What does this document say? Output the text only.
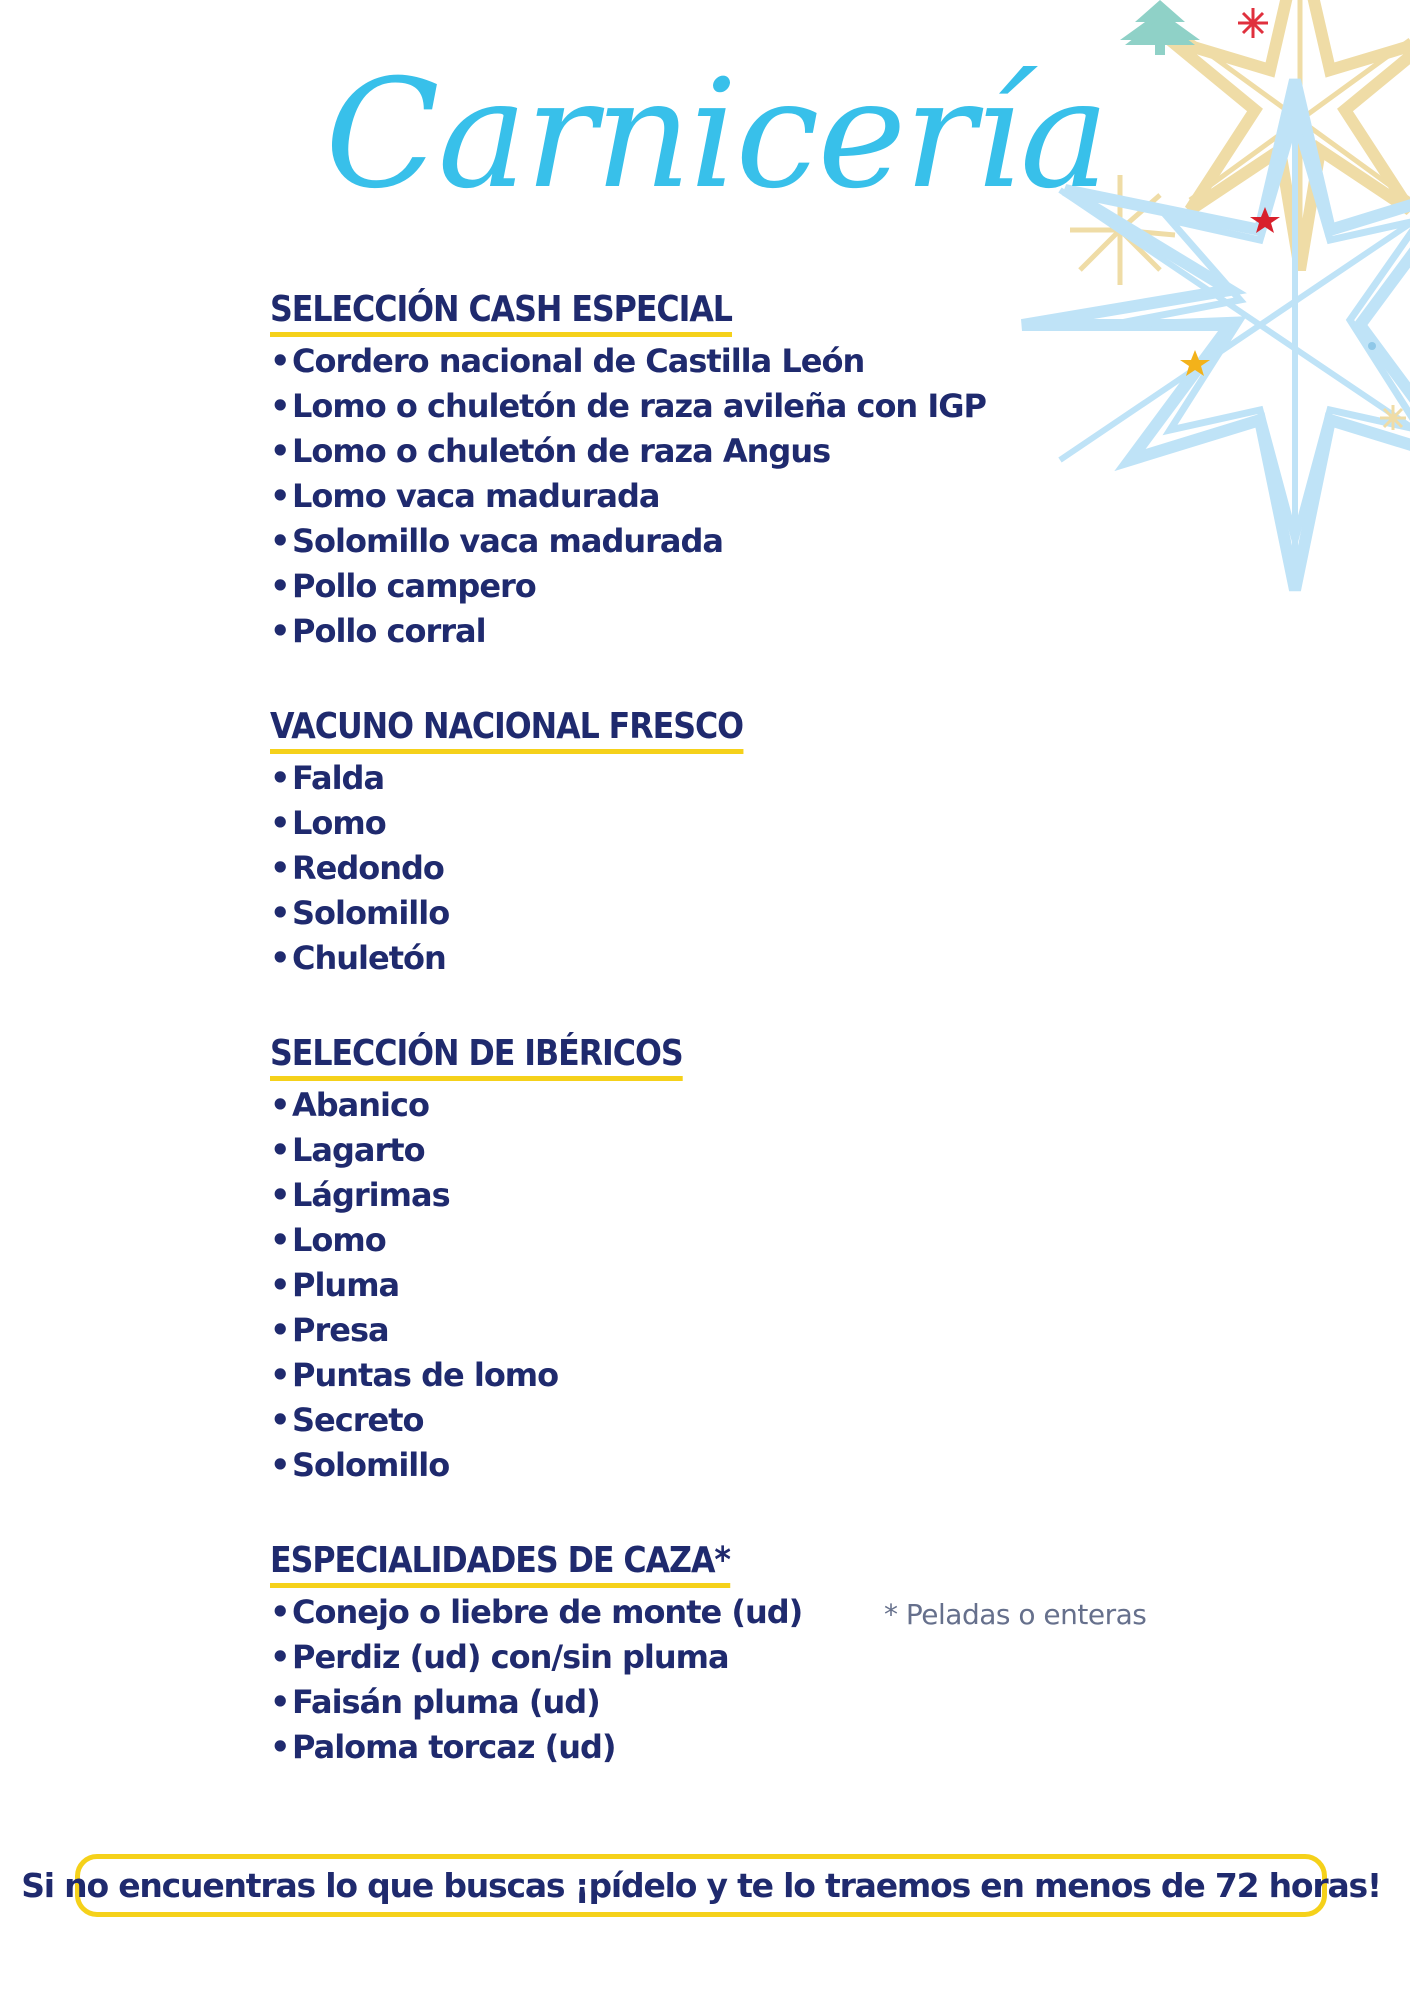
Carnicería
SELECCIÓN CASH ESPECIAL
•Cordero nacional de Castilla León
•Lomo o chuletón de raza avileña con IGP
•Lomo o chuletón de raza Angus
•Lomo vaca madurada
•Solomillo vaca madurada
•Pollo campero
•Pollo corral
VACUNO NACIONAL FRESCO
•Falda
•Lomo
•Redondo
•Solomillo
•Chuletón
SELECCIÓN DE IBÉRICOS
•Abanico
•Lagarto
•Lágrimas
•Lomo
•Pluma
•Presa
•Puntas de lomo
•Secreto
•Solomillo
ESPECIALIDADES DE CAZA*
•Conejo o liebre de monte (ud)
•Perdiz (ud) con/sin pluma
•Faisán pluma (ud)
•Paloma torcaz (ud)
* Peladas o enteras
Si no encuentras lo que buscas ¡pídelo y te lo traemos en menos de 72 horas!
